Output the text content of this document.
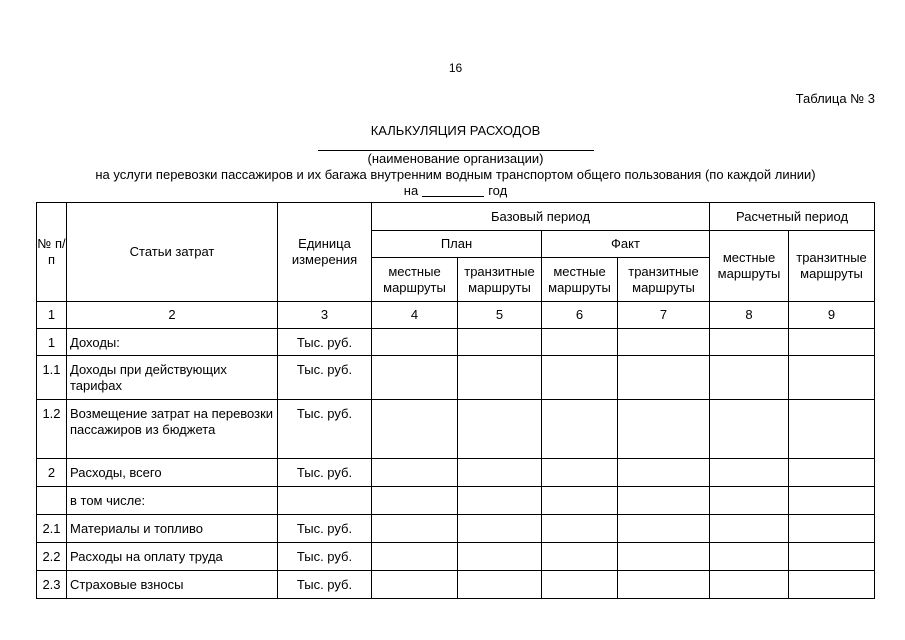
16
Таблица № 3
КАЛЬКУЛЯЦИЯ РАСХОДОВ
(наименование организации)
на услуги перевозки пассажиров и их багажа внутренним водным транспортом общего пользования (по каждой линии)
на	год
№ п/п	Статьи затрат	Единица измерения	Базовый период				Расчетный период	
			План		Факт		местные маршруты	транзитные маршруты
			местные маршруты	транзитные маршруты	местные маршруты	транзитные маршруты		
1	2	3	4	5	6	7	8	9
1	Доходы:	Тыс. руб.						
1.1	Доходы при действующих тарифах	Тыс. руб.						
1.2	Возмещение затрат на перевозки пассажиров из бюджета	Тыс. руб.						
2	Расходы, всего	Тыс. руб.						
	в том числе:							
2.1	Материалы и топливо	Тыс. руб.						
2.2	Расходы на оплату труда	Тыс. руб.						
2.3	Страховые взносы	Тыс. руб.						
